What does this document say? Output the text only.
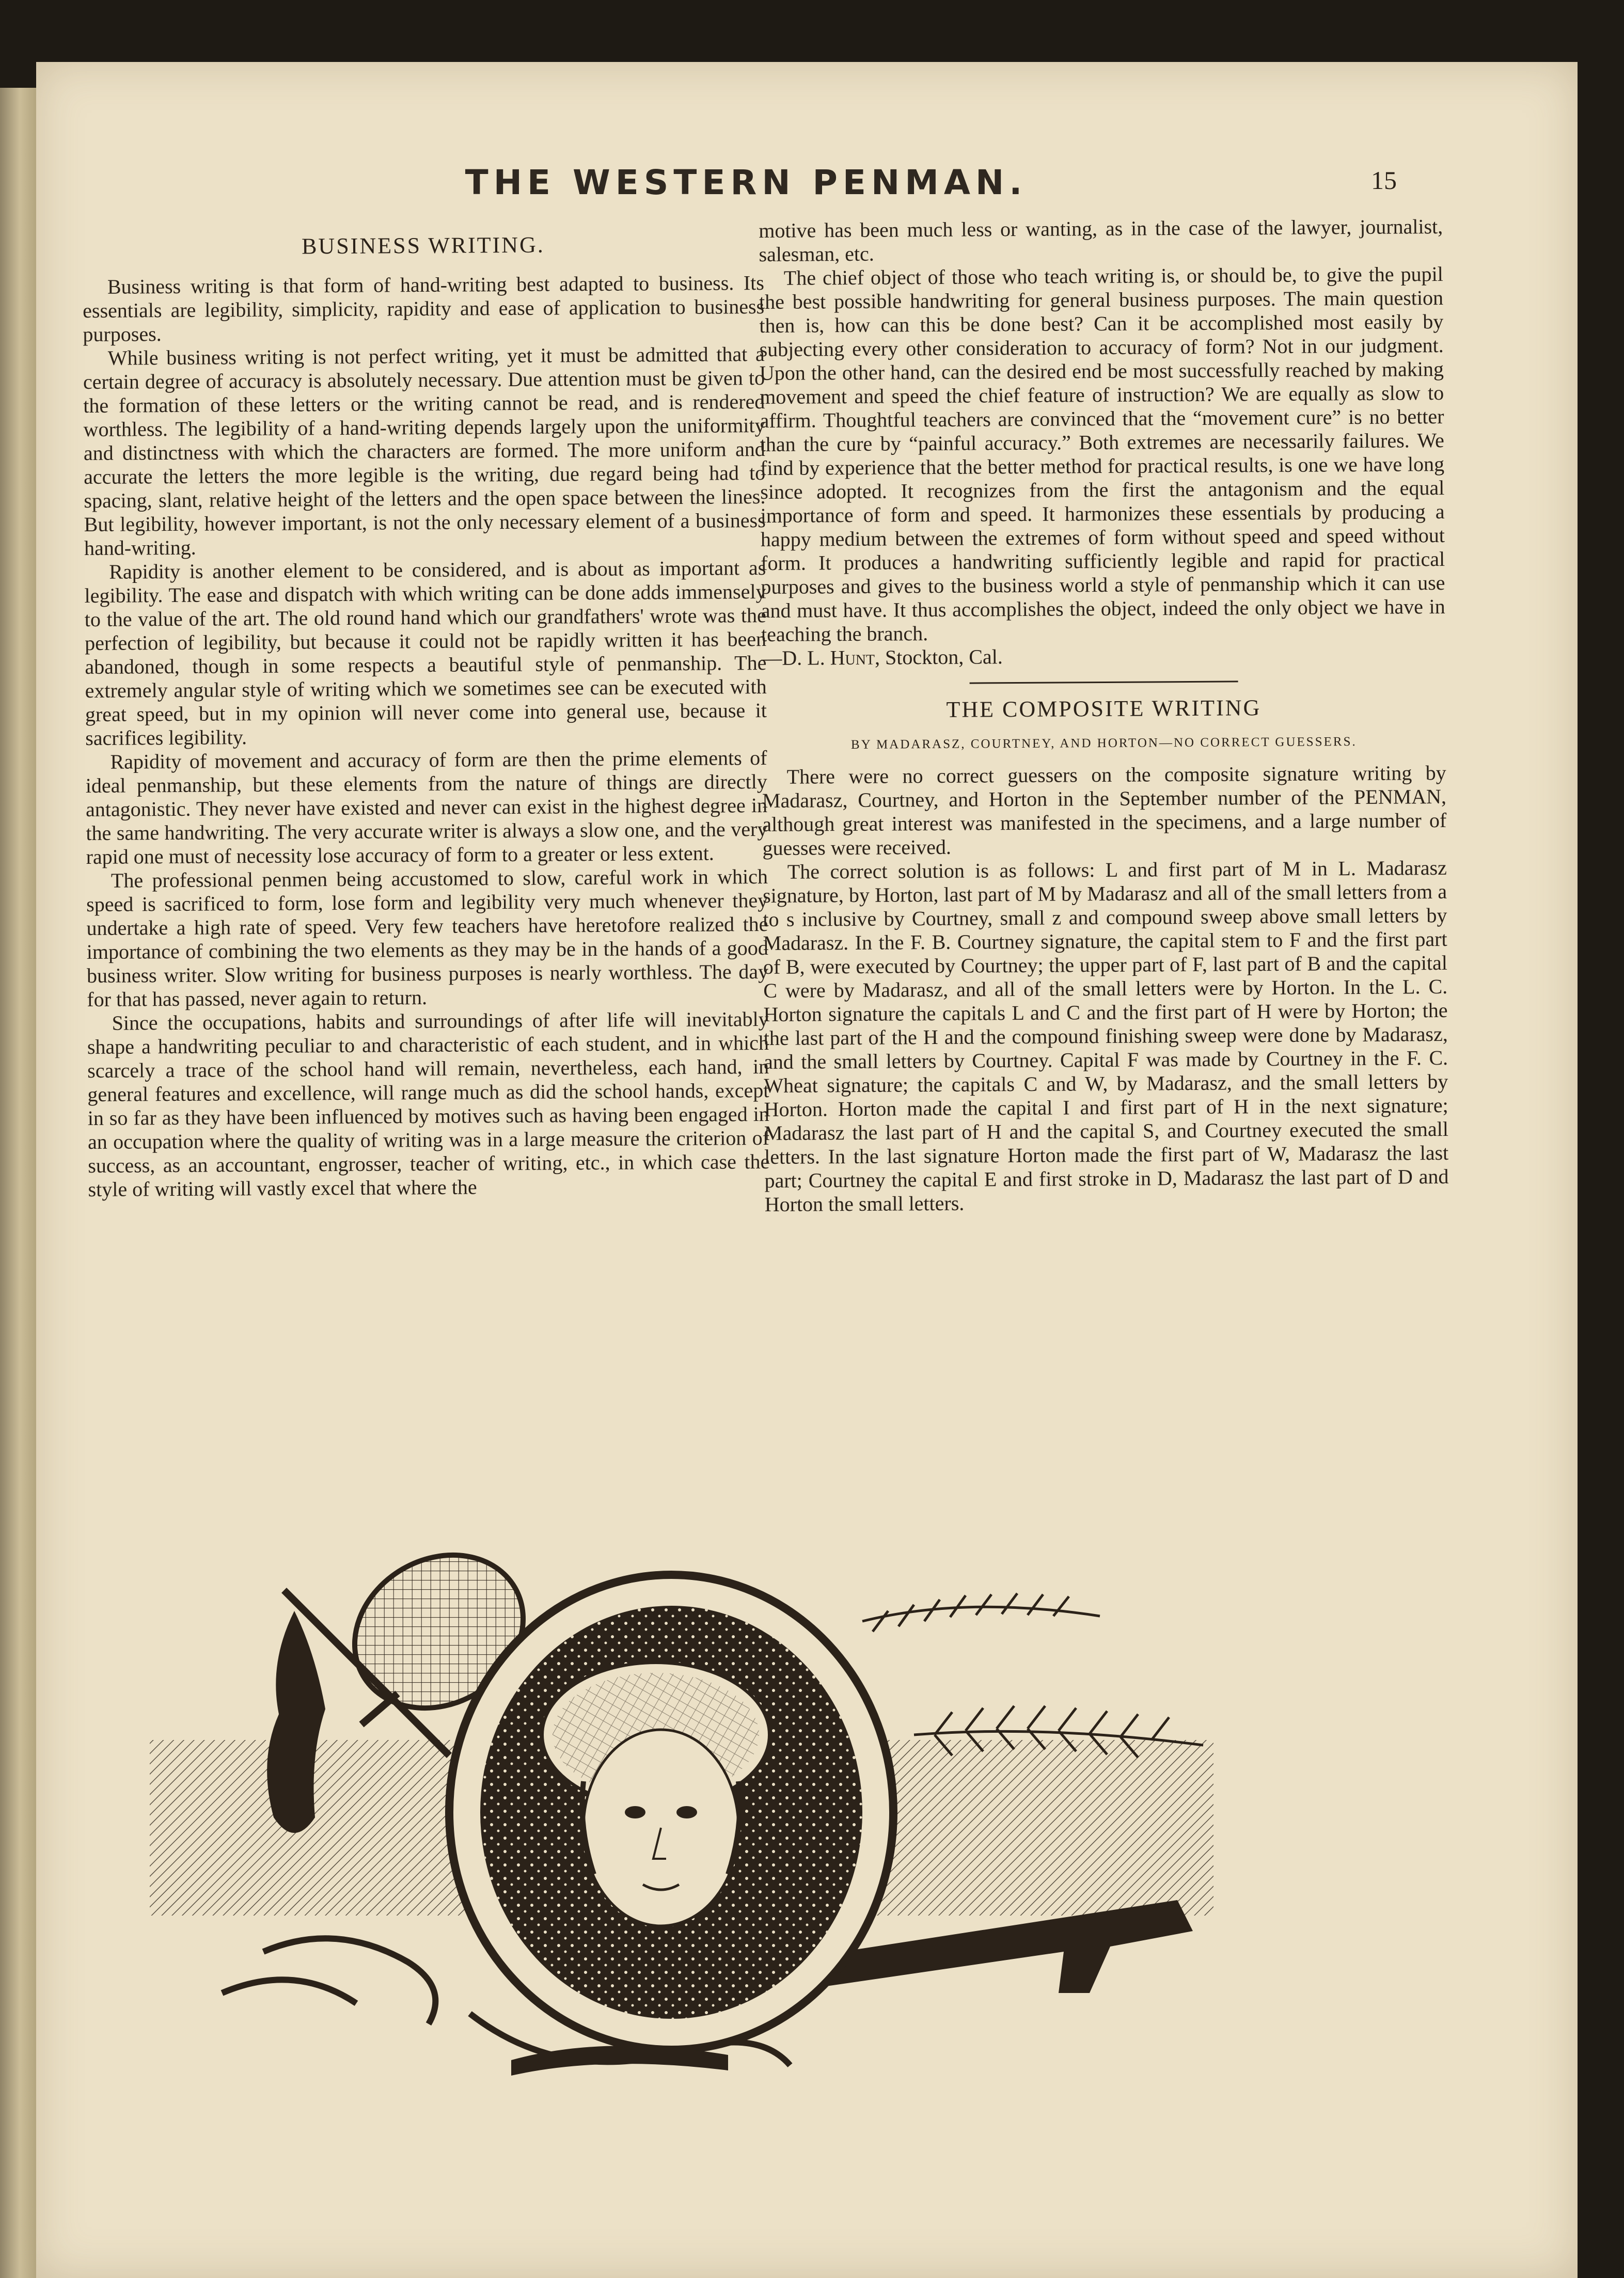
THE WESTERN PENMAN.	15
BUSINESS WRITING.

Business writing is that form of hand-writing best adapted to business. Its essentials are legibility, simplicity, rapidity and ease of application to business purposes.

While business writing is not perfect writing, yet it must be admitted that a certain degree of accuracy is absolutely necessary. Due attention must be given to the formation of these letters or the writing cannot be read, and is rendered worthless. The legibility of a hand-writing depends largely upon the uniformity and distinctness with which the characters are formed. The more uniform and accurate the letters the more legible is the writing, due regard being had to spacing, slant, relative height of the letters and the open space between the lines. But legibility, however important, is not the only necessary element of a business hand-writing.

Rapidity is another element to be considered, and is about as important as legibility. The ease and dispatch with which writing can be done adds immensely to the value of the art. The old round hand which our grandfathers' wrote was the perfection of legibility, but because it could not be rapidly written it has been abandoned, though in some respects a beautiful style of penmanship. The extremely angular style of writing which we sometimes see can be executed with great speed, but in my opinion will never come into general use, because it sacrifices legibility.

Rapidity of movement and accuracy of form are then the prime elements of ideal penmanship, but these elements from the nature of things are directly antagonistic. They never have existed and never can exist in the highest degree in the same handwriting. The very accurate writer is always a slow one, and the very rapid one must of necessity lose accuracy of form to a greater or less extent.

The professional penmen being accustomed to slow, careful work in which speed is sacrificed to form, lose form and legibility very much whenever they undertake a high rate of speed. Very few teachers have heretofore realized the importance of combining the two elements as they may be in the hands of a good business writer. Slow writing for business purposes is nearly worthless. The day for that has passed, never again to return.

Since the occupations, habits and surroundings of after life will inevitably shape a handwriting peculiar to and characteristic of each student, and in which scarcely a trace of the school hand will remain, nevertheless, each hand, in general features and excellence, will range much as did the school hands, except in so far as they have been influenced by motives such as having been engaged in an occupation where the quality of writing was in a large measure the criterion of success, as an accountant, engrosser, teacher of writing, etc., in which case the style of writing will vastly excel that where the

motive has been much less or wanting, as in the case of the lawyer, journalist, salesman, etc.

The chief object of those who teach writing is, or should be, to give the pupil the best possible handwriting for general business purposes. The main question then is, how can this be done best? Can it be accomplished most easily by subjecting every other consideration to accuracy of form? Not in our judgment. Upon the other hand, can the desired end be most successfully reached by making movement and speed the chief feature of instruction? We are equally as slow to affirm. Thoughtful teachers are convinced that the “movement cure” is no better than the cure by “painful accuracy.” Both extremes are necessarily failures. We find by experience that the better method for practical results, is one we have long since adopted. It recognizes from the first the antagonism and the equal importance of form and speed. It harmonizes these essentials by producing a happy medium between the extremes of form without speed and speed without form. It produces a handwriting sufficiently legible and rapid for practical purposes and gives to the business world a style of penmanship which it can use and must have. It thus accomplishes the object, indeed the only object we have in teaching the branch.

—D. L. Hunt, Stockton, Cal.

THE COMPOSITE WRITING
BY MADARASZ, COURTNEY, AND HORTON—NO CORRECT GUESSERS.

There were no correct guessers on the composite signature writing by Madarasz, Courtney, and Horton in the September number of the PENMAN, although great interest was manifested in the specimens, and a large number of guesses were received.

The correct solution is as follows: L and first part of M in L. Madarasz signature, by Horton, last part of M by Madarasz and all of the small letters from a to s inclusive by Courtney, small z and compound sweep above small letters by Madarasz. In the F. B. Courtney signature, the capital stem to F and the first part of B, were executed by Courtney; the upper part of F, last part of B and the capital C were by Madarasz, and all of the small letters were by Horton. In the L. C. Horton signature the capitals L and C and the first part of H were by Horton; the the last part of the H and the compound finishing sweep were done by Madarasz, and the small letters by Courtney. Capital F was made by Courtney in the F. C. Wheat signature; the capitals C and W, by Madarasz, and the small letters by Horton. Horton made the capital I and first part of H in the next signature; Madarasz the last part of H and the capital S, and Courtney executed the small letters. In the last signature Horton made the first part of W, Madarasz the last part; Courtney the capital E and first stroke in D, Madarasz the last part of D and Horton the small letters.
